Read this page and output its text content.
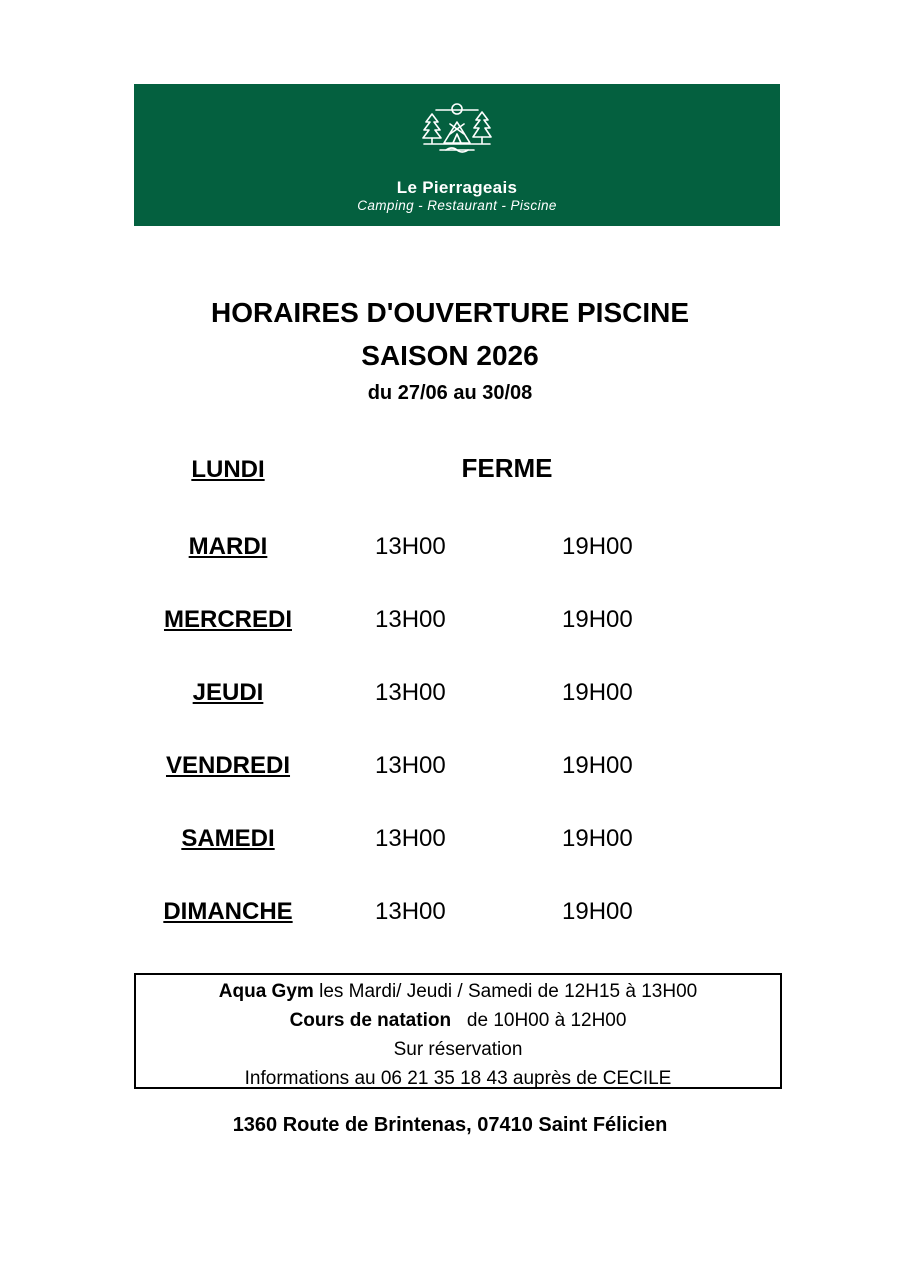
Le Pierrageais
Camping - Restaurant - Piscine
HORAIRES D'OUVERTURE PISCINE
SAISON 2026
du 27/06 au 30/08
LUNDI	FERME
MARDI	13H00	19H00
MERCREDI	13H00	19H00
JEUDI	13H00	19H00
VENDREDI	13H00	19H00
SAMEDI	13H00	19H00
DIMANCHE	13H00	19H00
Aqua Gym les Mardi/ Jeudi / Samedi de 12H15 à 13H00
Cours de natation   de 10H00 à 12H00
Sur réservation
Informations au 06 21 35 18 43 auprès de CECILE
1360 Route de Brintenas, 07410 Saint Félicien
